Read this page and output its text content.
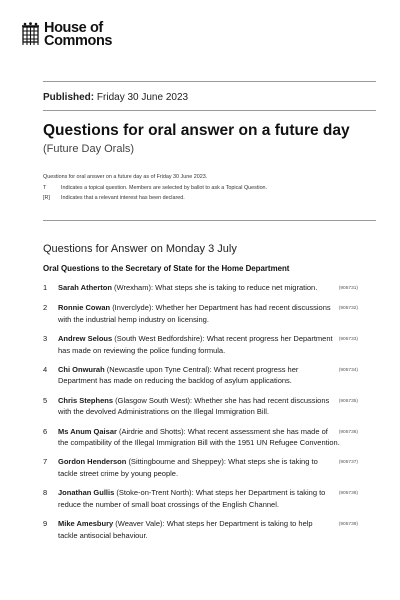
House of
Commons
Published: Friday 30 June 2023
Questions for oral answer on a future day
(Future Day Orals)
Questions for oral answer on a future day as of Friday 30 June 2023.
T	Indicates a topical question. Members are selected by ballot to ask a Topical Question.
[R]	Indicates that a relevant interest has been declared.
Questions for Answer on Monday 3 July
Oral Questions to the Secretary of State for the Home Department
1	Sarah Atherton (Wrexham):	(905731)
What steps she is taking to reduce net migration.
2	Ronnie Cowan (Inverclyde):	(905732)
Whether her Department has had recent discussions with the industrial hemp industry on licensing.
3	Andrew Selous (South West Bedfordshire):	(905733)
What recent progress her Department has made on reviewing the police funding formula.
4	Chi Onwurah (Newcastle upon Tyne Central):	(905734)
What recent progress her Department has made on reducing the backlog of asylum applications.
5	Chris Stephens (Glasgow South West):	(905735)
Whether she has had recent discussions with the devolved Administrations on the Illegal Immigration Bill.
6	Ms Anum Qaisar (Airdrie and Shotts):	(905736)
What recent assessment she has made of the compatibility of the Illegal Immigration Bill with the 1951 UN Refugee Convention.
7	Gordon Henderson (Sittingbourne and Sheppey):	(905737)
What steps she is taking to tackle street crime by young people.
8	Jonathan Gullis (Stoke-on-Trent North):	(905738)
What steps her Department is taking to reduce the number of small boat crossings of the English Channel.
9	Mike Amesbury (Weaver Vale):	(905739)
What steps her Department is taking to help tackle antisocial behaviour.
